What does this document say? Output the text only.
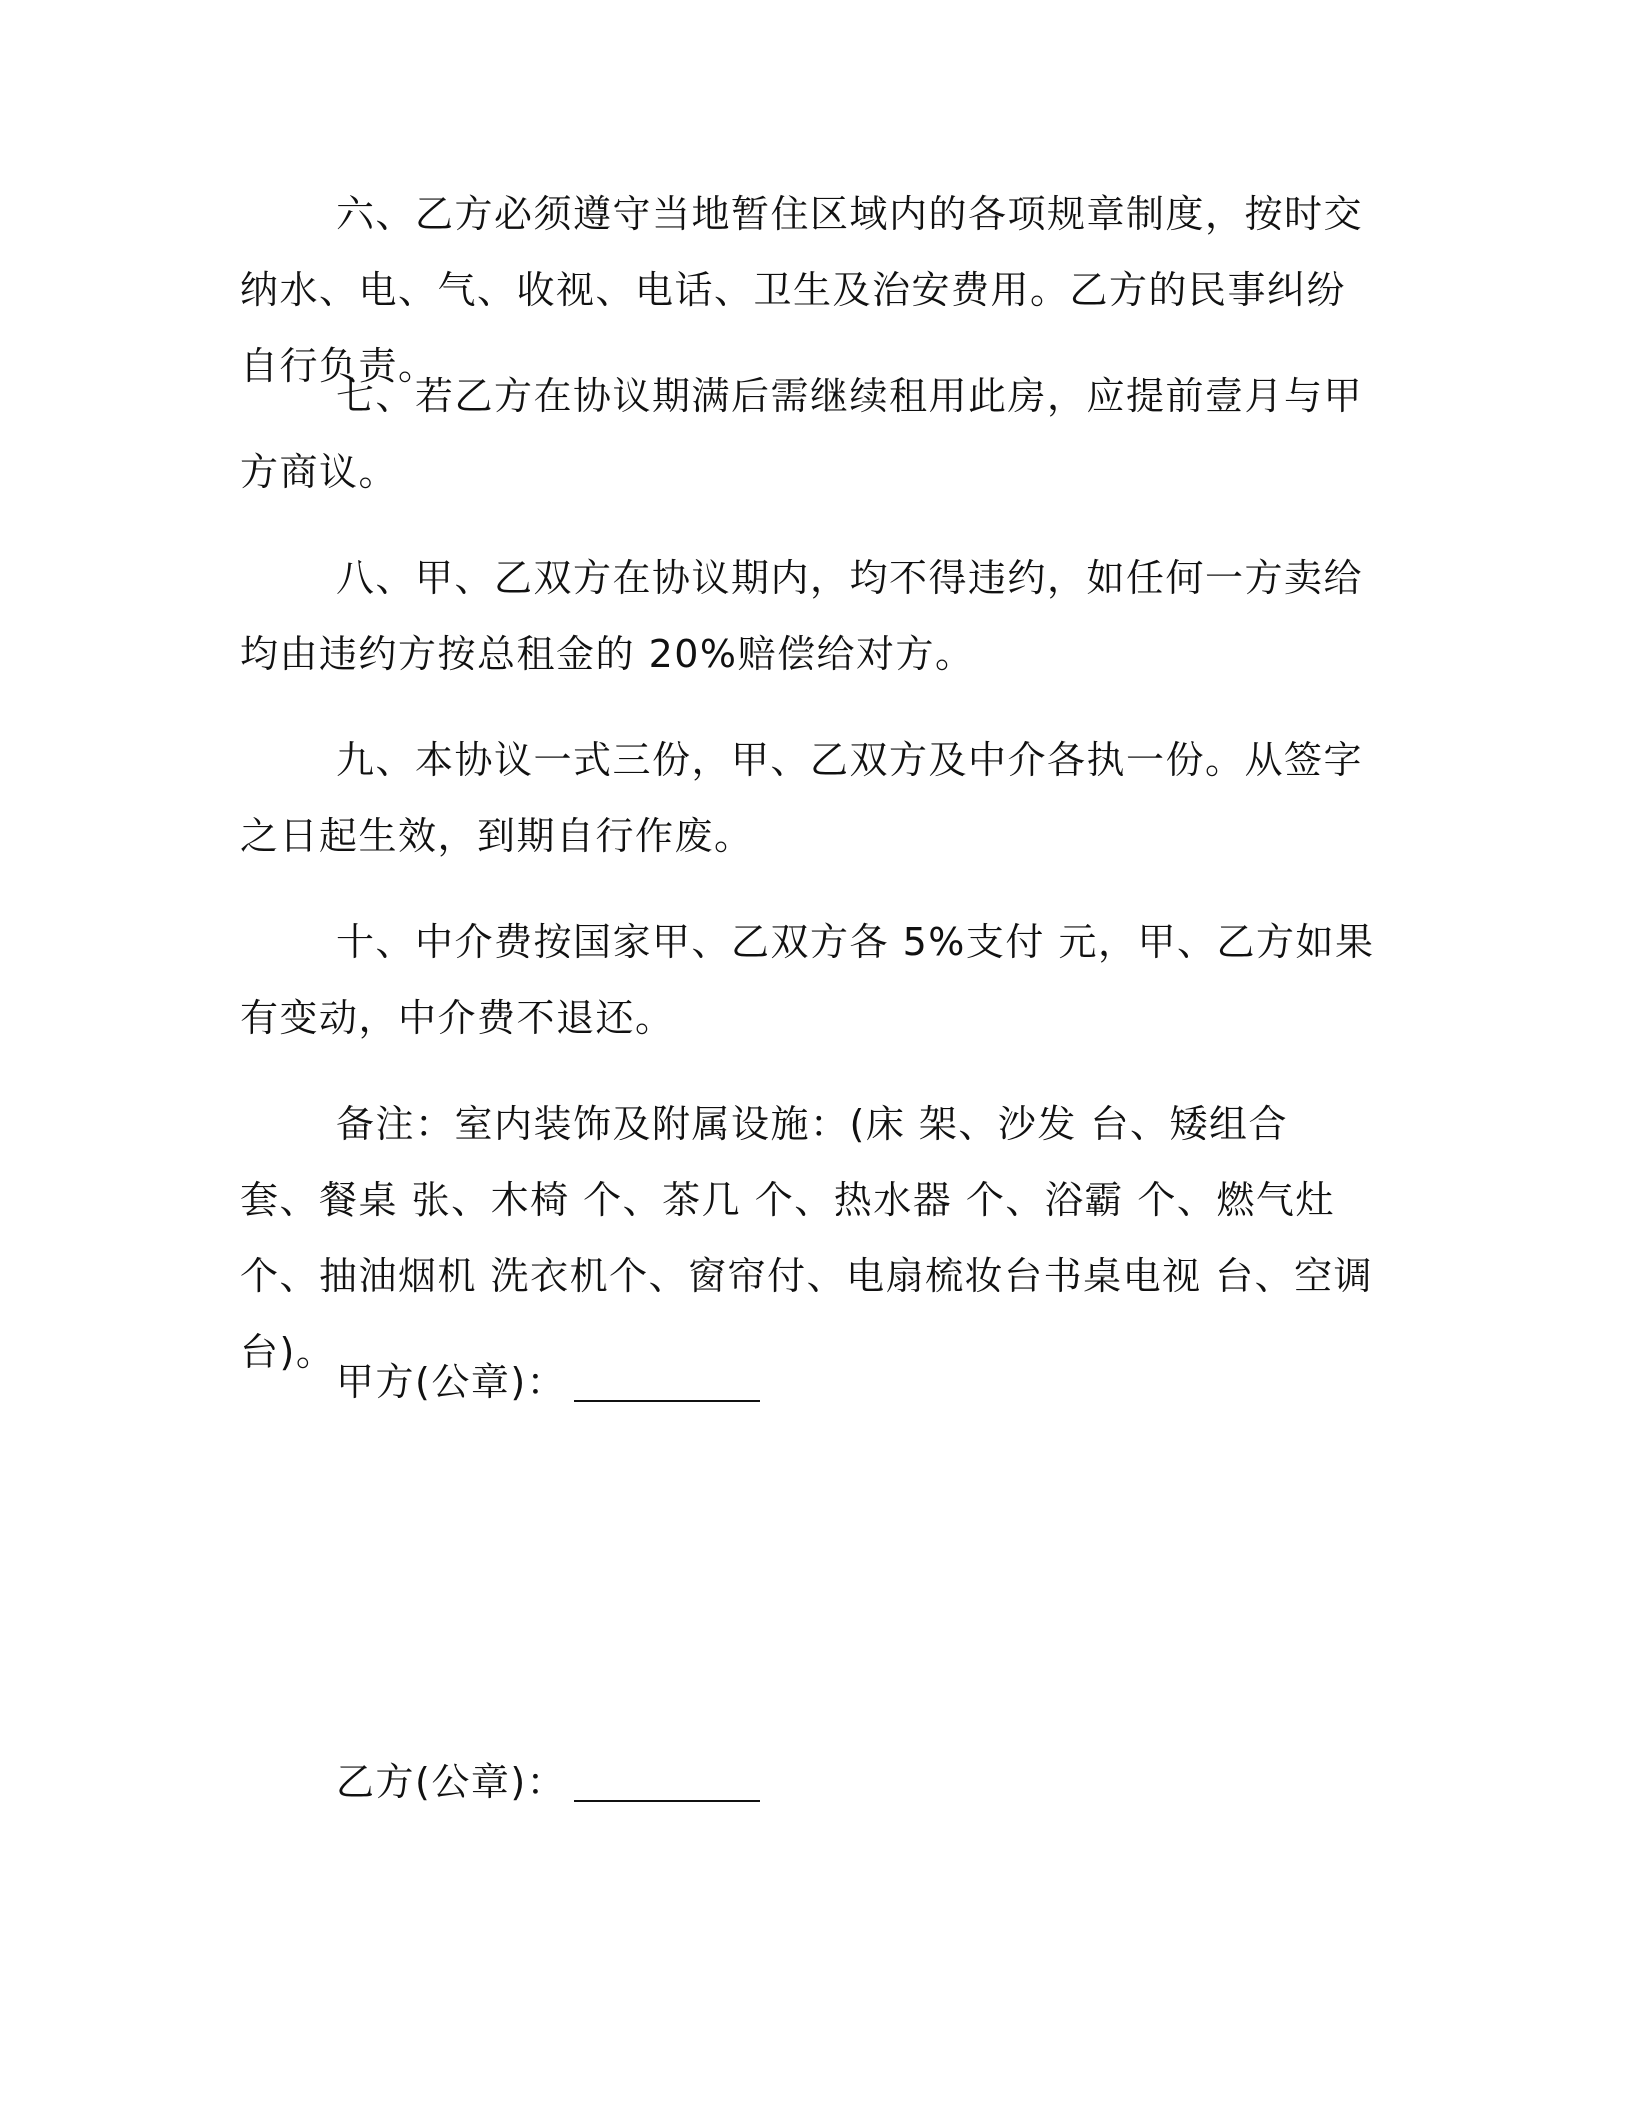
六、乙方必须遵守当地暂住区域内的各项规章制度，按时交纳水、电、气、收视、电话、卫生及治安费用。乙方的民事纠纷自行负责。

七、若乙方在协议期满后需继续租用此房，应提前壹月与甲方商议。

八、甲、乙双方在协议期内，均不得违约，如任何一方卖给均由违约方按总租金的 20%赔偿给对方。

九、本协议一式三份，甲、乙双方及中介各执一份。从签字之日起生效，到期自行作废。

十、中介费按国家甲、乙双方各 5%支付 元，甲、乙方如果有变动，中介费不退还。

备注：室内装饰及附属设施：(床 架、沙发 台、矮组合 套、餐桌 张、木椅 个、茶几 个、热水器 个、浴霸 个、燃气灶 个、抽油烟机 洗衣机个、窗帘付、电扇梳妆台书桌电视 台、空调 台)。

甲方(公章)：

乙方(公章)：
